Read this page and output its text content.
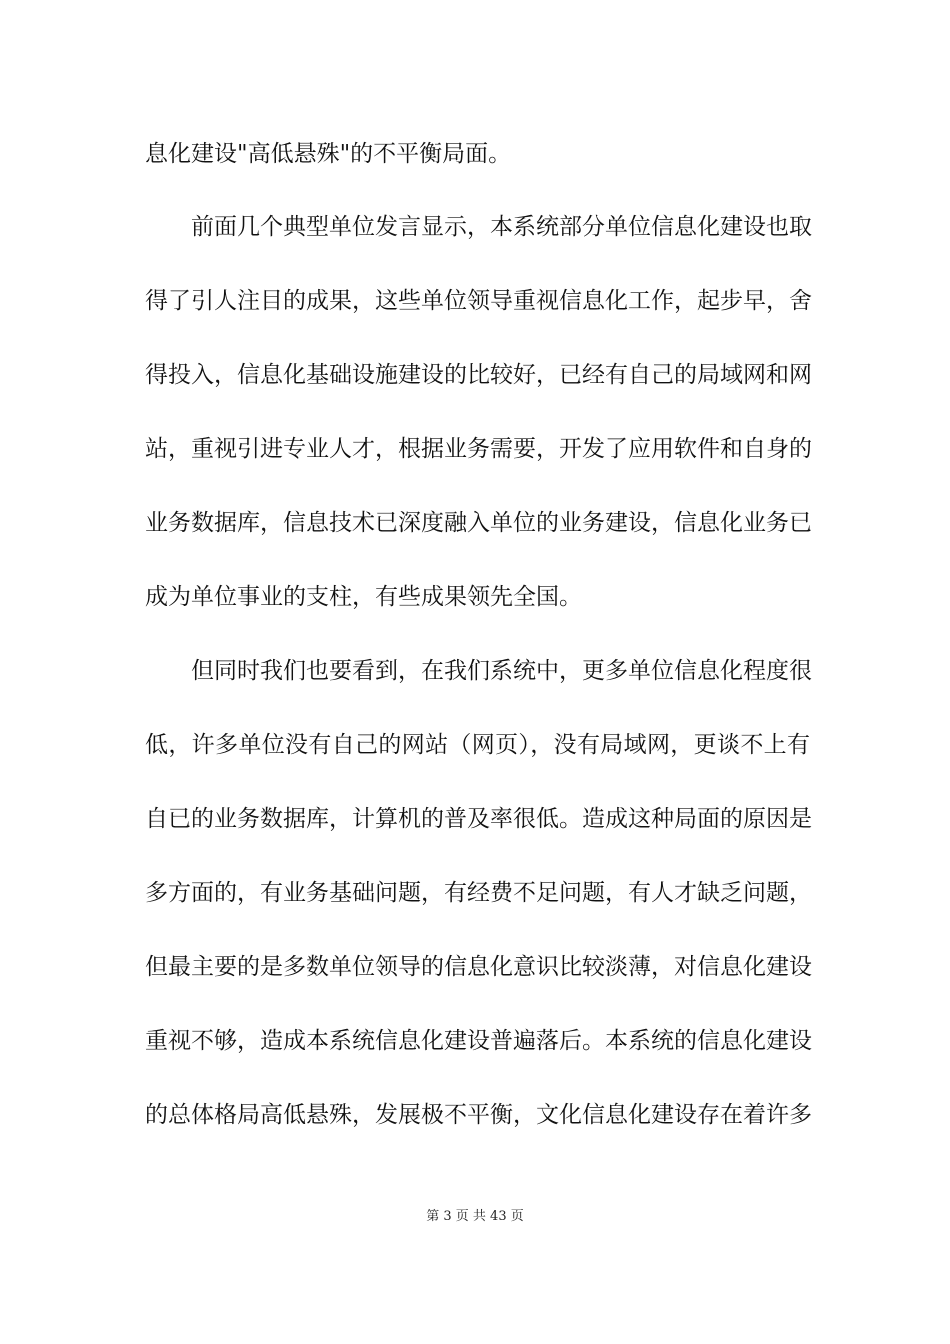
息化建设"高低悬殊"的不平衡局面。
前面几个典型单位发言显示，本系统部分单位信息化建设也取
得了引人注目的成果，这些单位领导重视信息化工作，起步早，舍
得投入，信息化基础设施建设的比较好，已经有自己的局域网和网
站，重视引进专业人才，根据业务需要，开发了应用软件和自身的
业务数据库，信息技术已深度融入单位的业务建设，信息化业务已
成为单位事业的支柱，有些成果领先全国。
但同时我们也要看到，在我们系统中，更多单位信息化程度很
低，许多单位没有自己的网站（网页），没有局域网，更谈不上有
自已的业务数据库，计算机的普及率很低。造成这种局面的原因是
多方面的，有业务基础问题，有经费不足问题，有人才缺乏问题，
但最主要的是多数单位领导的信息化意识比较淡薄，对信息化建设
重视不够，造成本系统信息化建设普遍落后。本系统的信息化建设
的总体格局高低悬殊，发展极不平衡，文化信息化建设存在着许多
第 3 页 共 43 页
